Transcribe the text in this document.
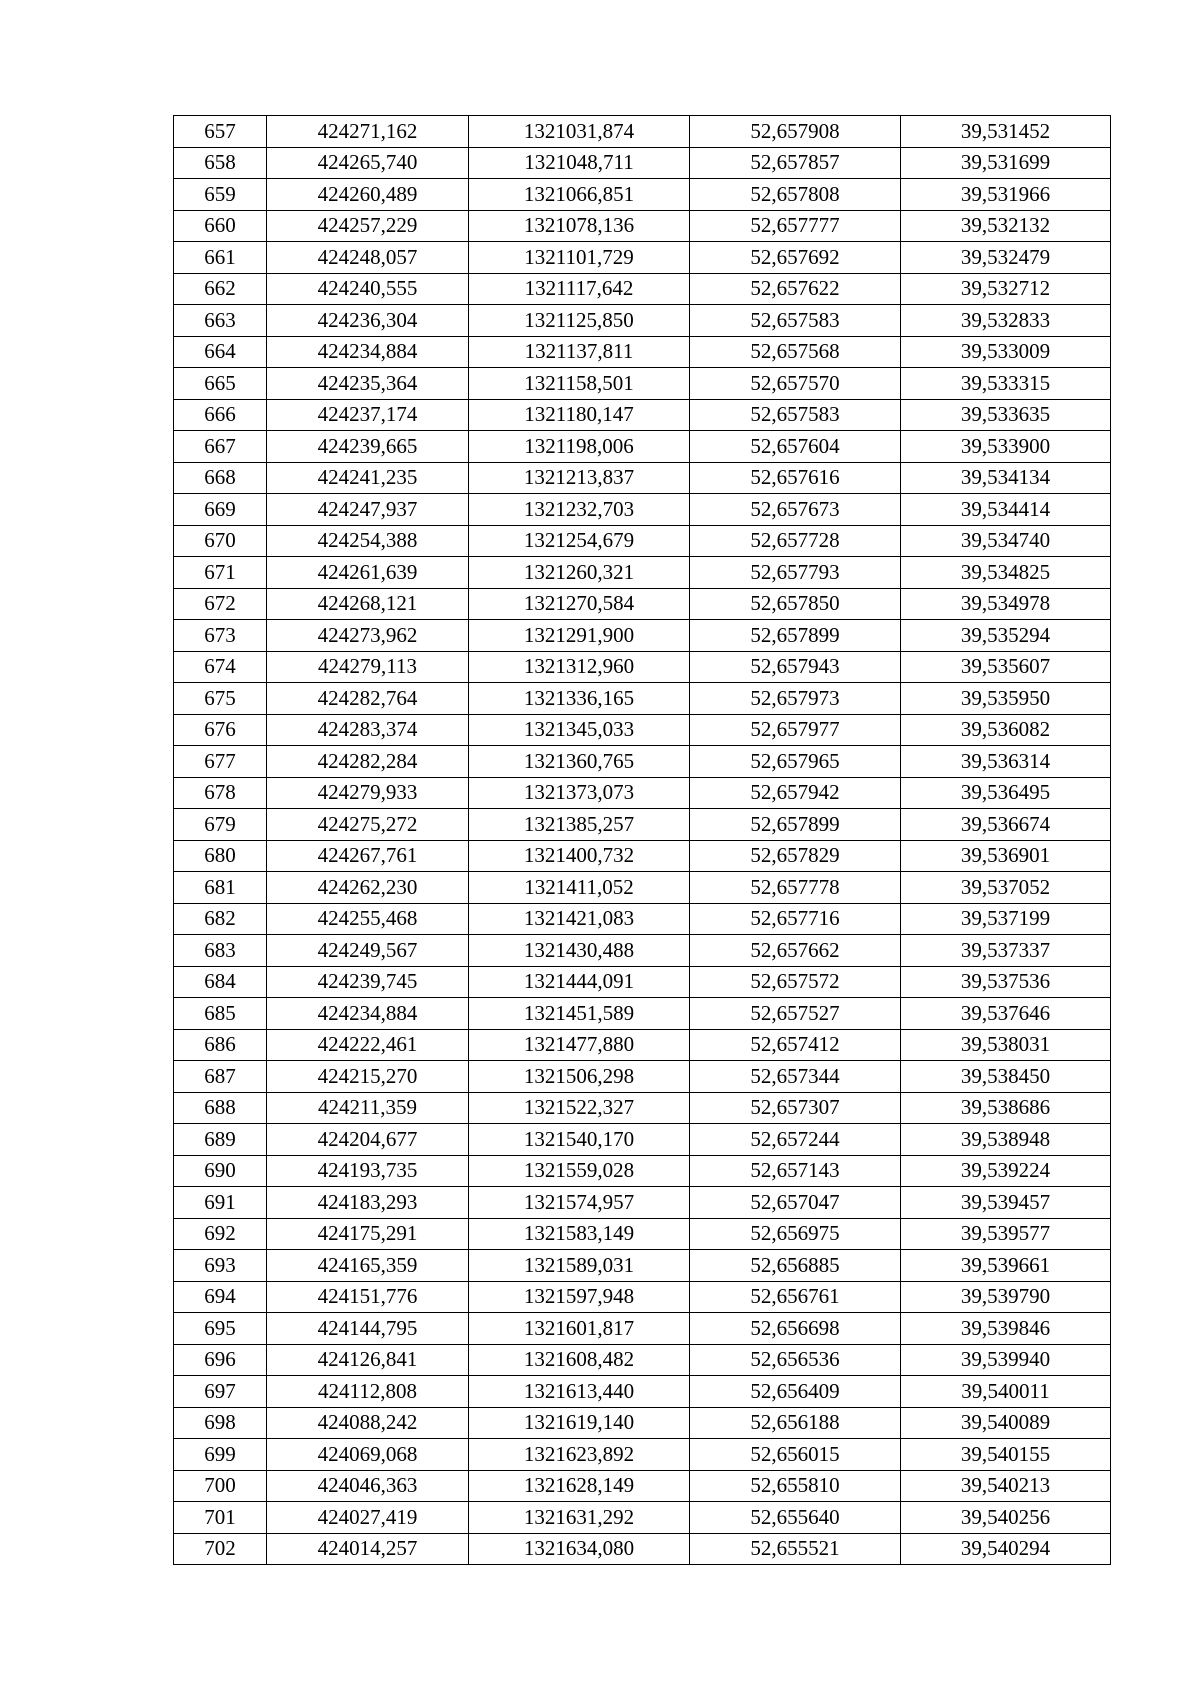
657	424271,162	1321031,874	52,657908	39,531452
658	424265,740	1321048,711	52,657857	39,531699
659	424260,489	1321066,851	52,657808	39,531966
660	424257,229	1321078,136	52,657777	39,532132
661	424248,057	1321101,729	52,657692	39,532479
662	424240,555	1321117,642	52,657622	39,532712
663	424236,304	1321125,850	52,657583	39,532833
664	424234,884	1321137,811	52,657568	39,533009
665	424235,364	1321158,501	52,657570	39,533315
666	424237,174	1321180,147	52,657583	39,533635
667	424239,665	1321198,006	52,657604	39,533900
668	424241,235	1321213,837	52,657616	39,534134
669	424247,937	1321232,703	52,657673	39,534414
670	424254,388	1321254,679	52,657728	39,534740
671	424261,639	1321260,321	52,657793	39,534825
672	424268,121	1321270,584	52,657850	39,534978
673	424273,962	1321291,900	52,657899	39,535294
674	424279,113	1321312,960	52,657943	39,535607
675	424282,764	1321336,165	52,657973	39,535950
676	424283,374	1321345,033	52,657977	39,536082
677	424282,284	1321360,765	52,657965	39,536314
678	424279,933	1321373,073	52,657942	39,536495
679	424275,272	1321385,257	52,657899	39,536674
680	424267,761	1321400,732	52,657829	39,536901
681	424262,230	1321411,052	52,657778	39,537052
682	424255,468	1321421,083	52,657716	39,537199
683	424249,567	1321430,488	52,657662	39,537337
684	424239,745	1321444,091	52,657572	39,537536
685	424234,884	1321451,589	52,657527	39,537646
686	424222,461	1321477,880	52,657412	39,538031
687	424215,270	1321506,298	52,657344	39,538450
688	424211,359	1321522,327	52,657307	39,538686
689	424204,677	1321540,170	52,657244	39,538948
690	424193,735	1321559,028	52,657143	39,539224
691	424183,293	1321574,957	52,657047	39,539457
692	424175,291	1321583,149	52,656975	39,539577
693	424165,359	1321589,031	52,656885	39,539661
694	424151,776	1321597,948	52,656761	39,539790
695	424144,795	1321601,817	52,656698	39,539846
696	424126,841	1321608,482	52,656536	39,539940
697	424112,808	1321613,440	52,656409	39,540011
698	424088,242	1321619,140	52,656188	39,540089
699	424069,068	1321623,892	52,656015	39,540155
700	424046,363	1321628,149	52,655810	39,540213
701	424027,419	1321631,292	52,655640	39,540256
702	424014,257	1321634,080	52,655521	39,540294
